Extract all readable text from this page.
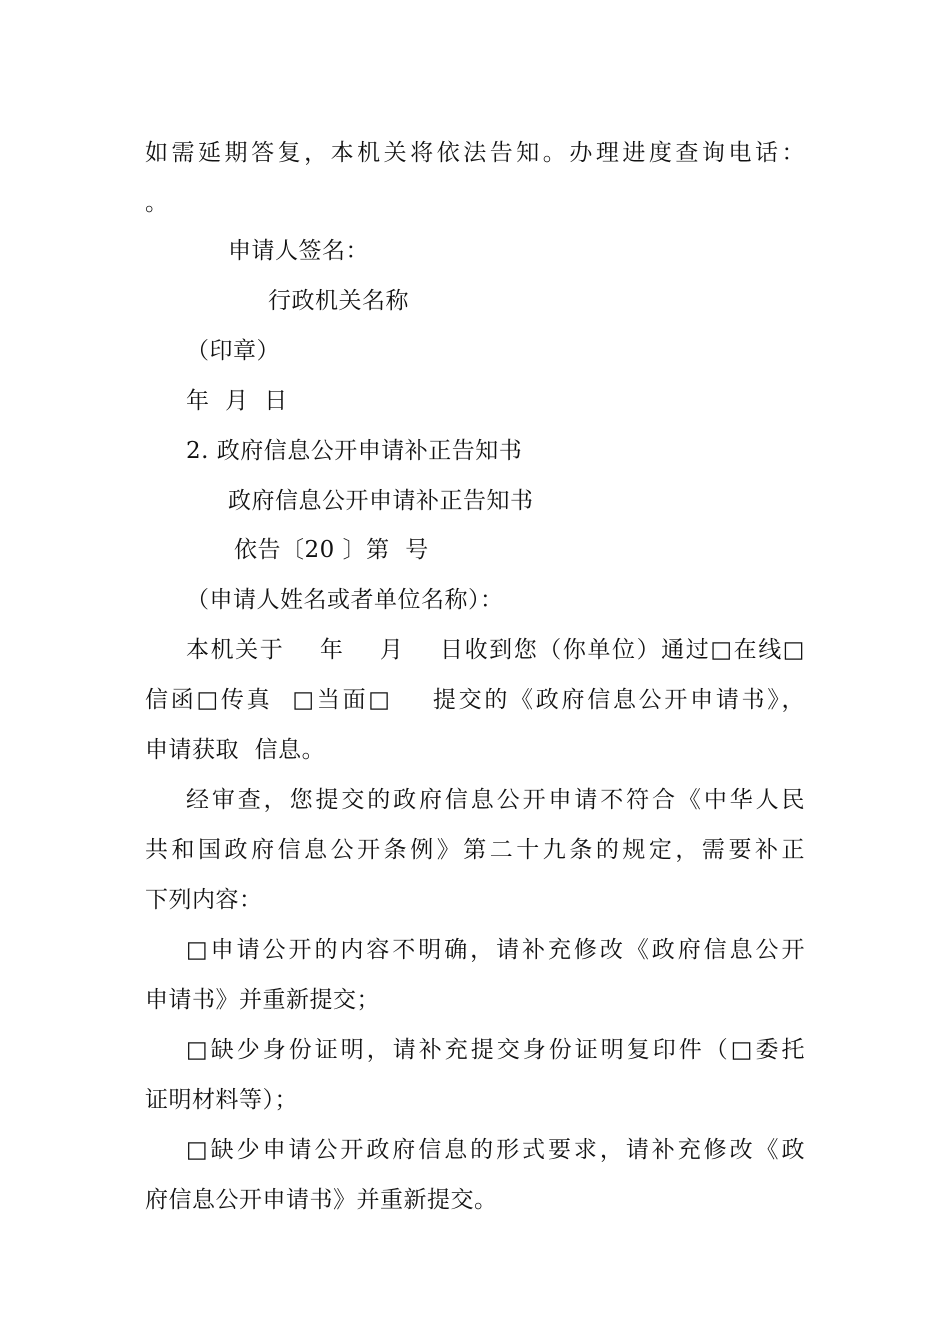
如需延期答复，本机关将依法告知。办理进度查询电话：
。
申请人签名：
行政机关名称
（印章）
年  月  日
2. 政府信息公开申请补正告知书
政府信息公开申请补正告知书
依告〔20 〕第  号
（申请人姓名或者单位名称）：
本机关于    年    月    日收到您（你单位）通过□在线□
信函□传真  □当面□    提交的《政府信息公开申请书》，
申请获取  信息。
经审查，您提交的政府信息公开申请不符合《中华人民
共和国政府信息公开条例》第二十九条的规定，需要补正
下列内容：
□申请公开的内容不明确，请补充修改《政府信息公开
申请书》并重新提交；
□缺少身份证明，请补充提交身份证明复印件（□委托
证明材料等）；
□缺少申请公开政府信息的形式要求，请补充修改《政
府信息公开申请书》并重新提交。
